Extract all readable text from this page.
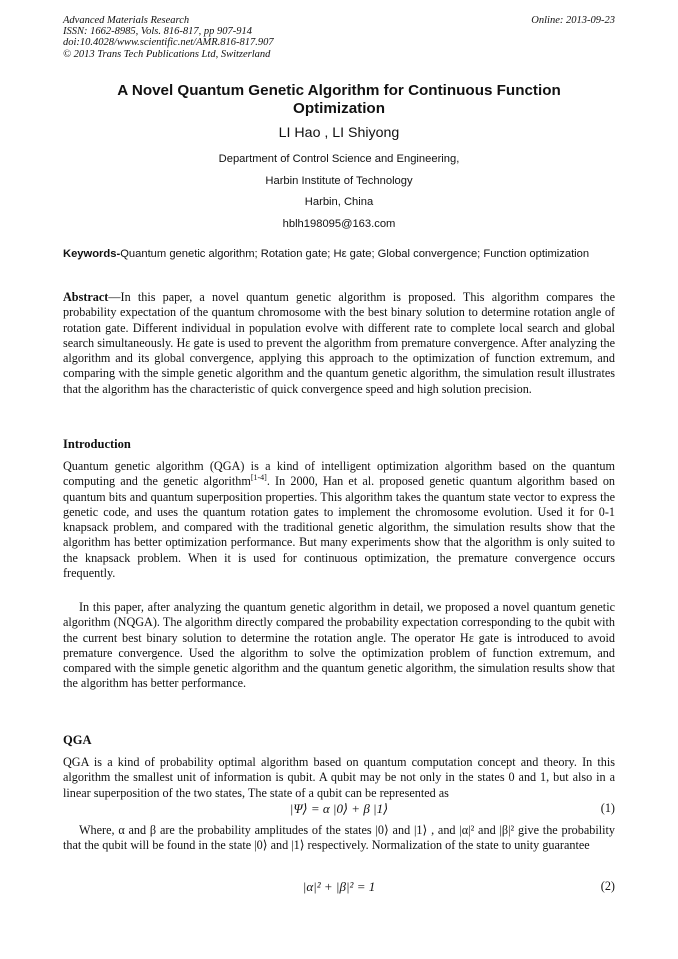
Advanced Materials Research
ISSN: 1662-8985, Vols. 816-817, pp 907-914
doi:10.4028/www.scientific.net/AMR.816-817.907
© 2013 Trans Tech Publications Ltd, Switzerland
Online: 2013-09-23
A Novel Quantum Genetic Algorithm for Continuous Function
Optimization
LI Hao , LI Shiyong
Department of Control Science and Engineering,
Harbin Institute of Technology
Harbin, China
hblh198095@163.com
Keywords-Quantum genetic algorithm; Rotation gate; Hε gate; Global convergence; Function optimization
Abstract—In this paper, a novel quantum genetic algorithm is proposed. This algorithm compares the probability expectation of the quantum chromosome with the best binary solution to determine rotation angle of rotation gate. Different individual in population evolve with different rate to complete local search and global search simultaneously. Hε gate is used to prevent the algorithm from premature convergence. After analyzing the algorithm and its global convergence, applying this approach to the optimization of function extremum, and comparing with the simple genetic algorithm and the quantum genetic algorithm, the simulation result illustrates that the algorithm has the characteristic of quick convergence speed and high solution precision.
Introduction

Quantum genetic algorithm (QGA) is a kind of intelligent optimization algorithm based on the quantum computing and the genetic algorithm[1-4]. In 2000, Han et al. proposed genetic quantum algorithm based on quantum bits and quantum superposition properties. This algorithm takes the quantum state vector to express the genetic code, and uses the quantum rotation gates to implement the chromosome evolution. Used it for 0-1 knapsack problem, and compared with the traditional genetic algorithm, the simulation results show that the algorithm has better optimization performance. But many experiments show that the algorithm is only suited to the knapsack problem. When it is used for continuous optimization, the premature convergence occurs frequently.

In this paper, after analyzing the quantum genetic algorithm in detail, we proposed a novel quantum genetic algorithm (NQGA). The algorithm directly compared the probability expectation corresponding to the qubit with the current best binary solution to determine the rotation angle. The operator Hε gate is introduced to avoid premature convergence. Used the algorithm to solve the optimization problem of function extremum, and compared with the simple genetic algorithm and the quantum genetic algorithm, the simulation results show that the algorithm has better performance.

QGA

QGA is a kind of probability optimal algorithm based on quantum computation concept and theory. In this algorithm the smallest unit of information is qubit. A qubit may be not only in the states 0 and 1, but also in a linear superposition of the two states, The state of a qubit can be represented as

|Ψ⟩ = α |0⟩ + β |1⟩	(1)

Where, α and β are the probability amplitudes of the states |0⟩ and |1⟩ , and |α|² and |β|² give the probability that the qubit will be found in the state |0⟩ and |1⟩ respectively. Normalization of the state to unity guarantee

|α|² + |β|² = 1	(2)
